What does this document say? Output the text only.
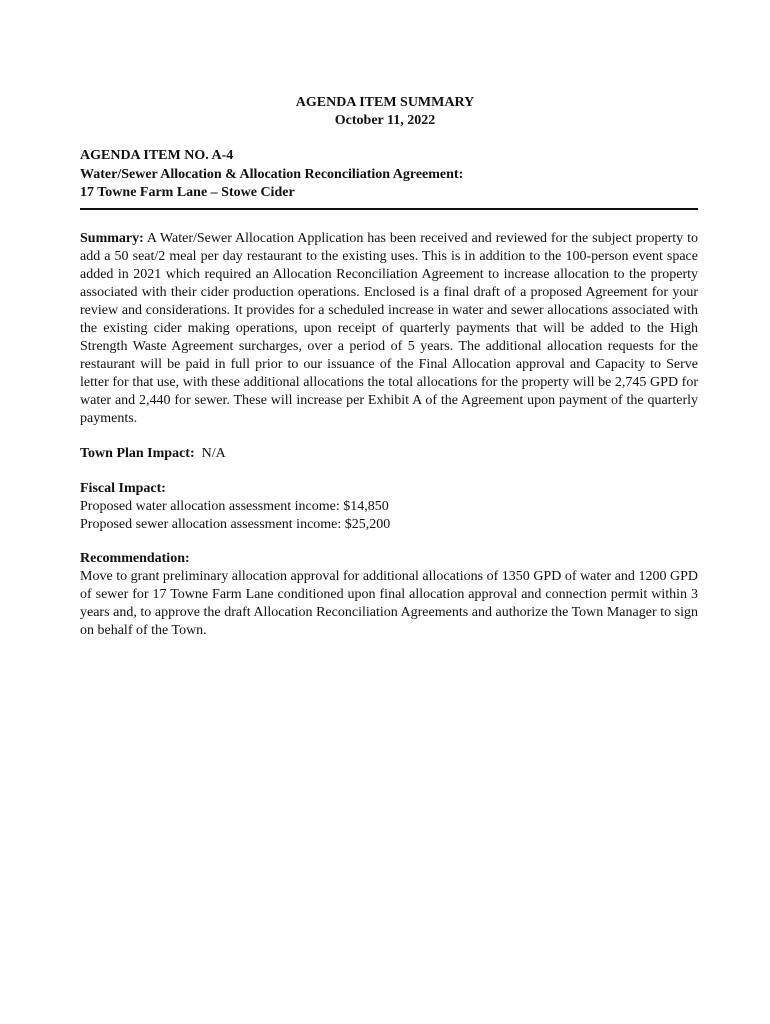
AGENDA ITEM SUMMARY
October 11, 2022
AGENDA ITEM NO. A-4
Water/Sewer Allocation & Allocation Reconciliation Agreement:
17 Towne Farm Lane – Stowe Cider

Summary: A Water/Sewer Allocation Application has been received and reviewed for the subject property to add a 50 seat/2 meal per day restaurant to the existing uses. This is in addition to the 100-person event space added in 2021 which required an Allocation Reconciliation Agreement to increase allocation to the property associated with their cider production operations. Enclosed is a final draft of a proposed Agreement for your review and considerations. It provides for a scheduled increase in water and sewer allocations associated with the existing cider making operations, upon receipt of quarterly payments that will be added to the High Strength Waste Agreement surcharges, over a period of 5 years. The additional allocation requests for the restaurant will be paid in full prior to our issuance of the Final Allocation approval and Capacity to Serve letter for that use, with these additional allocations the total allocations for the property will be 2,745 GPD for water and 2,440 for sewer. These will increase per Exhibit A of the Agreement upon payment of the quarterly payments.

Town Plan Impact:  N/A

Fiscal Impact:
Proposed water allocation assessment income: $14,850
Proposed sewer allocation assessment income: $25,200
Recommendation:

Move to grant preliminary allocation approval for additional allocations of 1350 GPD of water and 1200 GPD of sewer for 17 Towne Farm Lane conditioned upon final allocation approval and connection permit within 3 years and, to approve the draft Allocation Reconciliation Agreements and authorize the Town Manager to sign on behalf of the Town.
